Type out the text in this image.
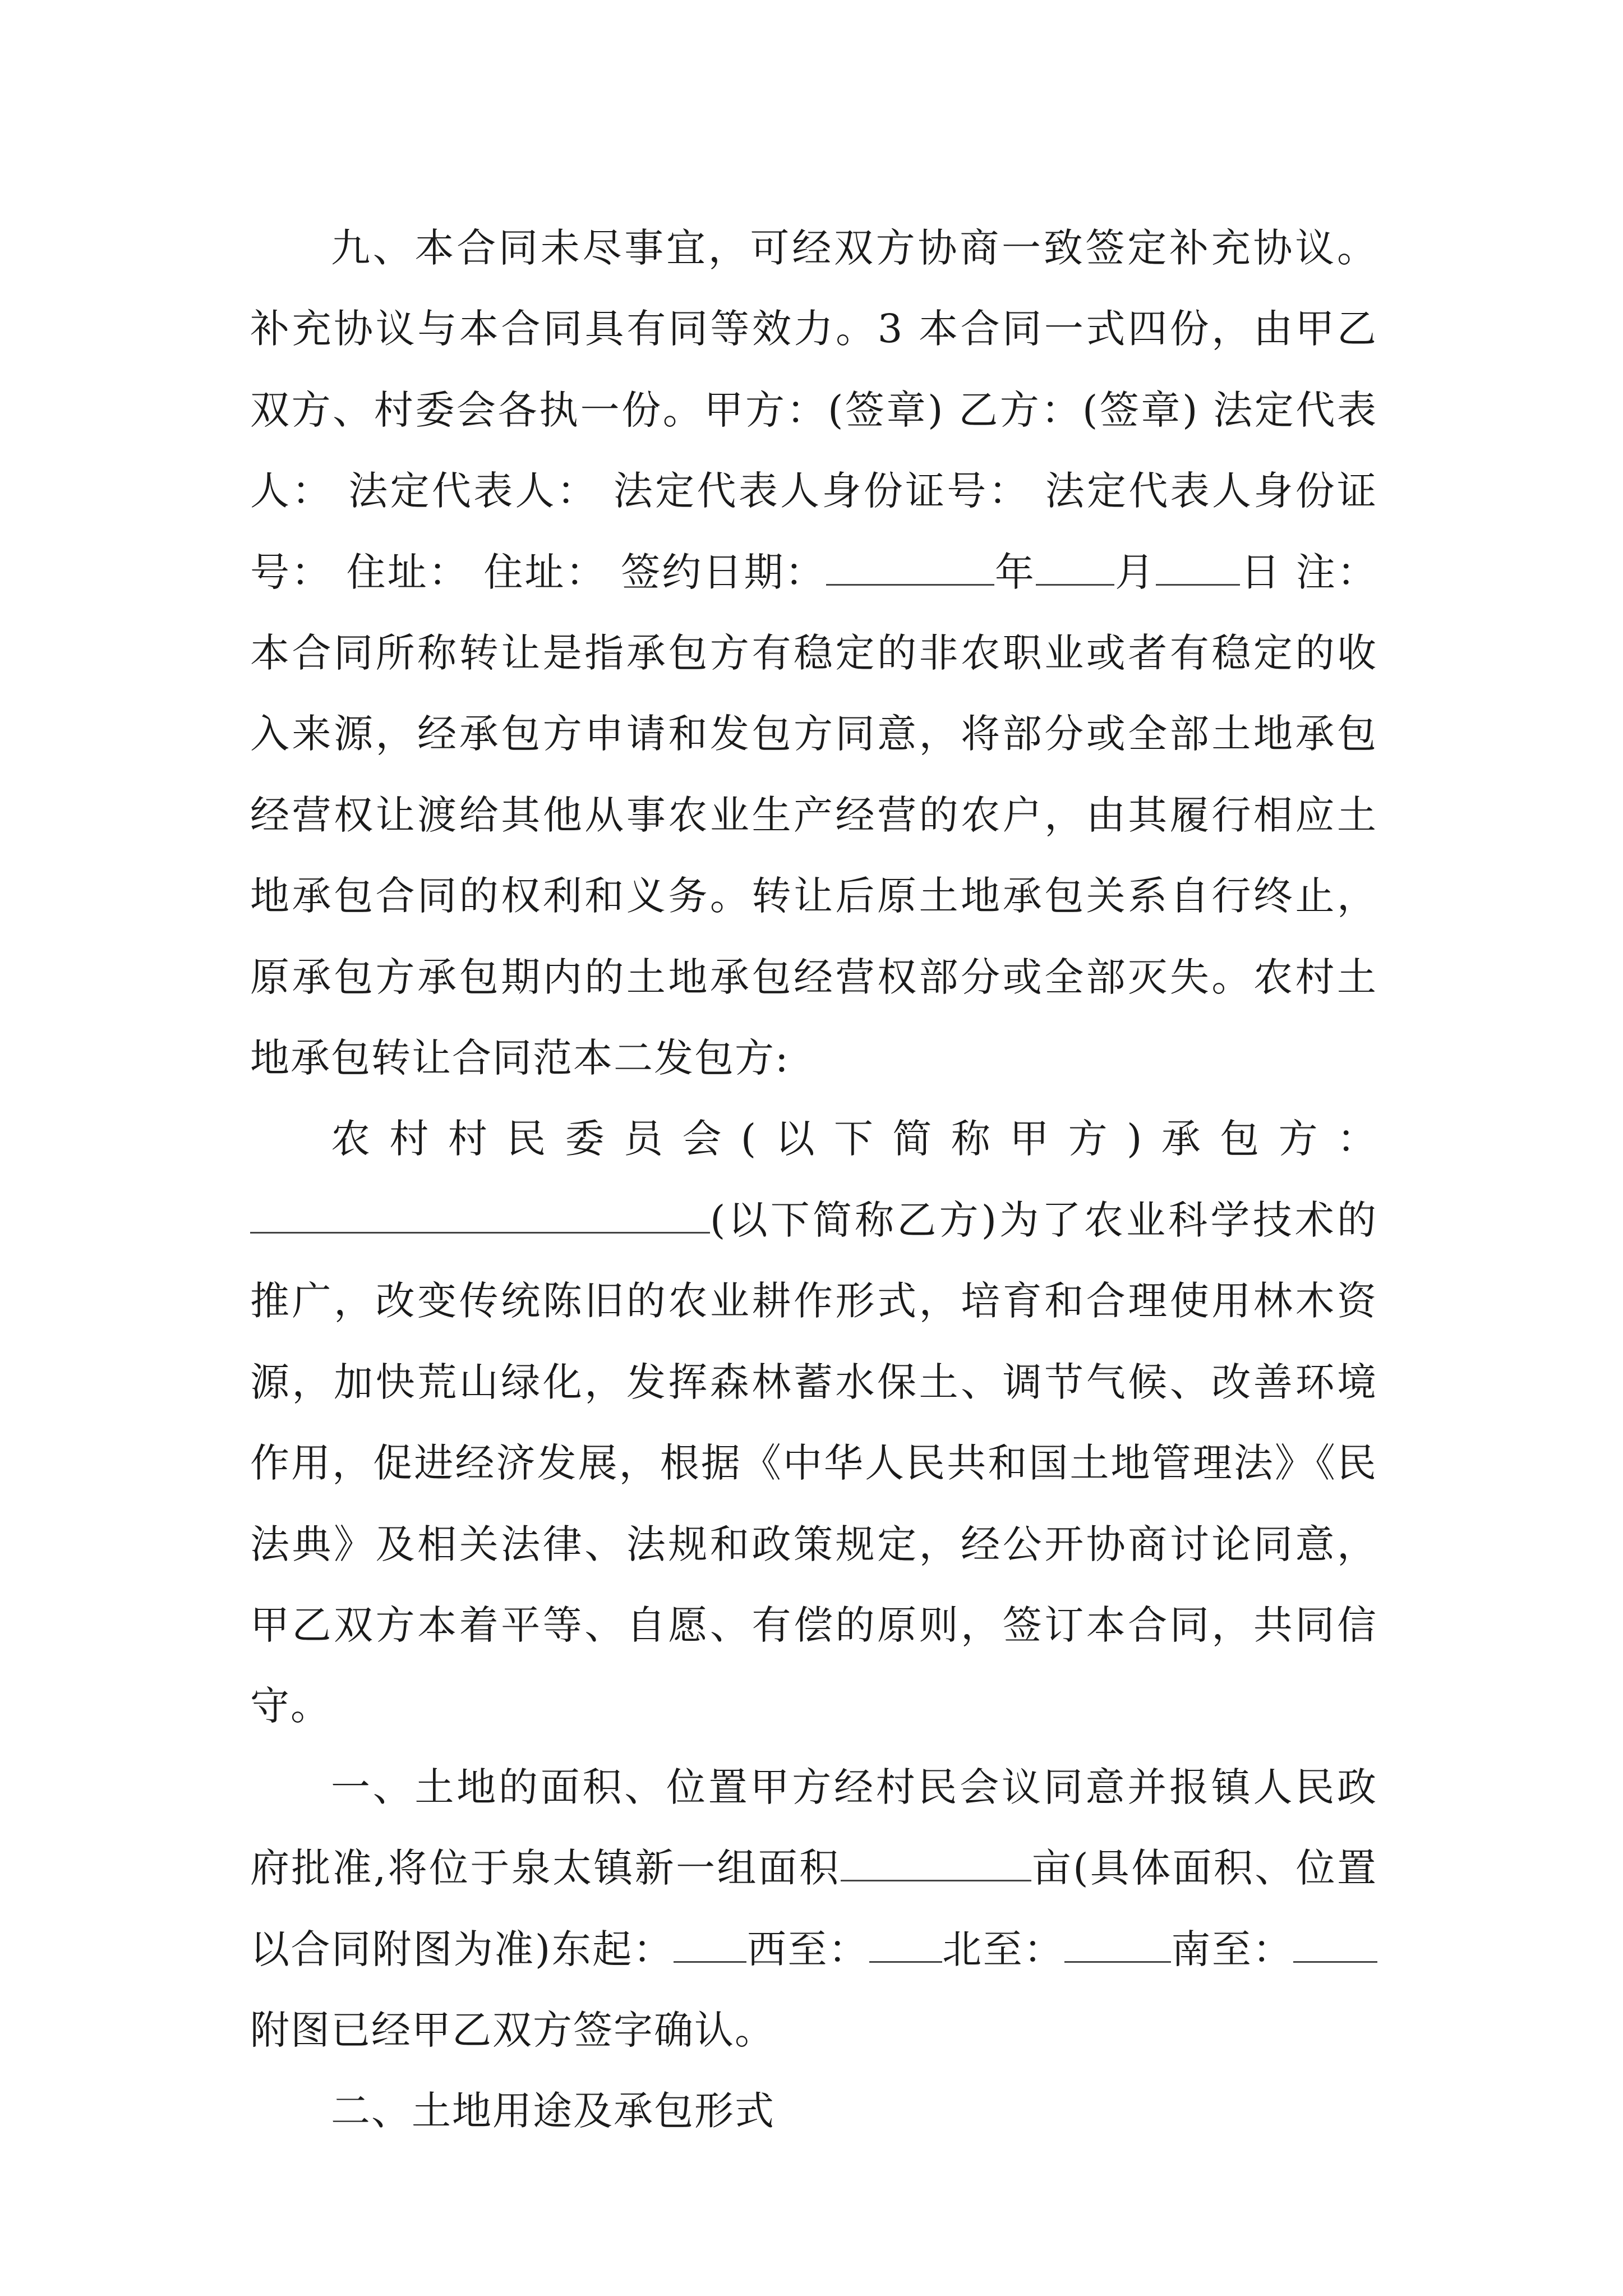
九、本合同未尽事宜，可经双方协商一致签定补充协议。补充协议与本合同具有同等效力。3 本合同一式四份，由甲乙双方、村委会各执一份。甲方：(签章) 乙方：(签章) 法定代表人： 法定代表人： 法定代表人身份证号： 法定代表人身份证号： 住址： 住址： 签约日期：	年 月 日 注：本合同所称转让是指承包方有稳定的非农职业或者有稳定的收入来源，经承包方申请和发包方同意，将部分或全部土地承包经营权让渡给其他从事农业生产经营的农户，由其履行相应土地承包合同的权利和义务。转让后原土地承包关系自行终止，原承包方承包期内的土地承包经营权部分或全部灭失。农村土地承包转让合同范本二发包方:
农村村民委员会(以下简称甲方)承包方：
(以下简称乙方)为了农业科学技术的推广，改变传统陈旧的农业耕作形式，培育和合理使用林木资源，加快荒山绿化，发挥森林蓄水保土、调节气候、改善环境作用，促进经济发展，根据《中华人民共和国土地管理法》《民法典》及相关法律、法规和政策规定，经公开协商讨论同意，甲乙双方本着平等、自愿、有偿的原则，签订本合同，共同信守。

一、土地的面积、位置甲方经村民会议同意并报镇人民政府批准,将位于泉太镇新一组面积	亩(具体面积、位置以合同附图为准)东起： 西至： 北至：	南至：附图已经甲乙双方签字确认。

二、土地用途及承包形式
